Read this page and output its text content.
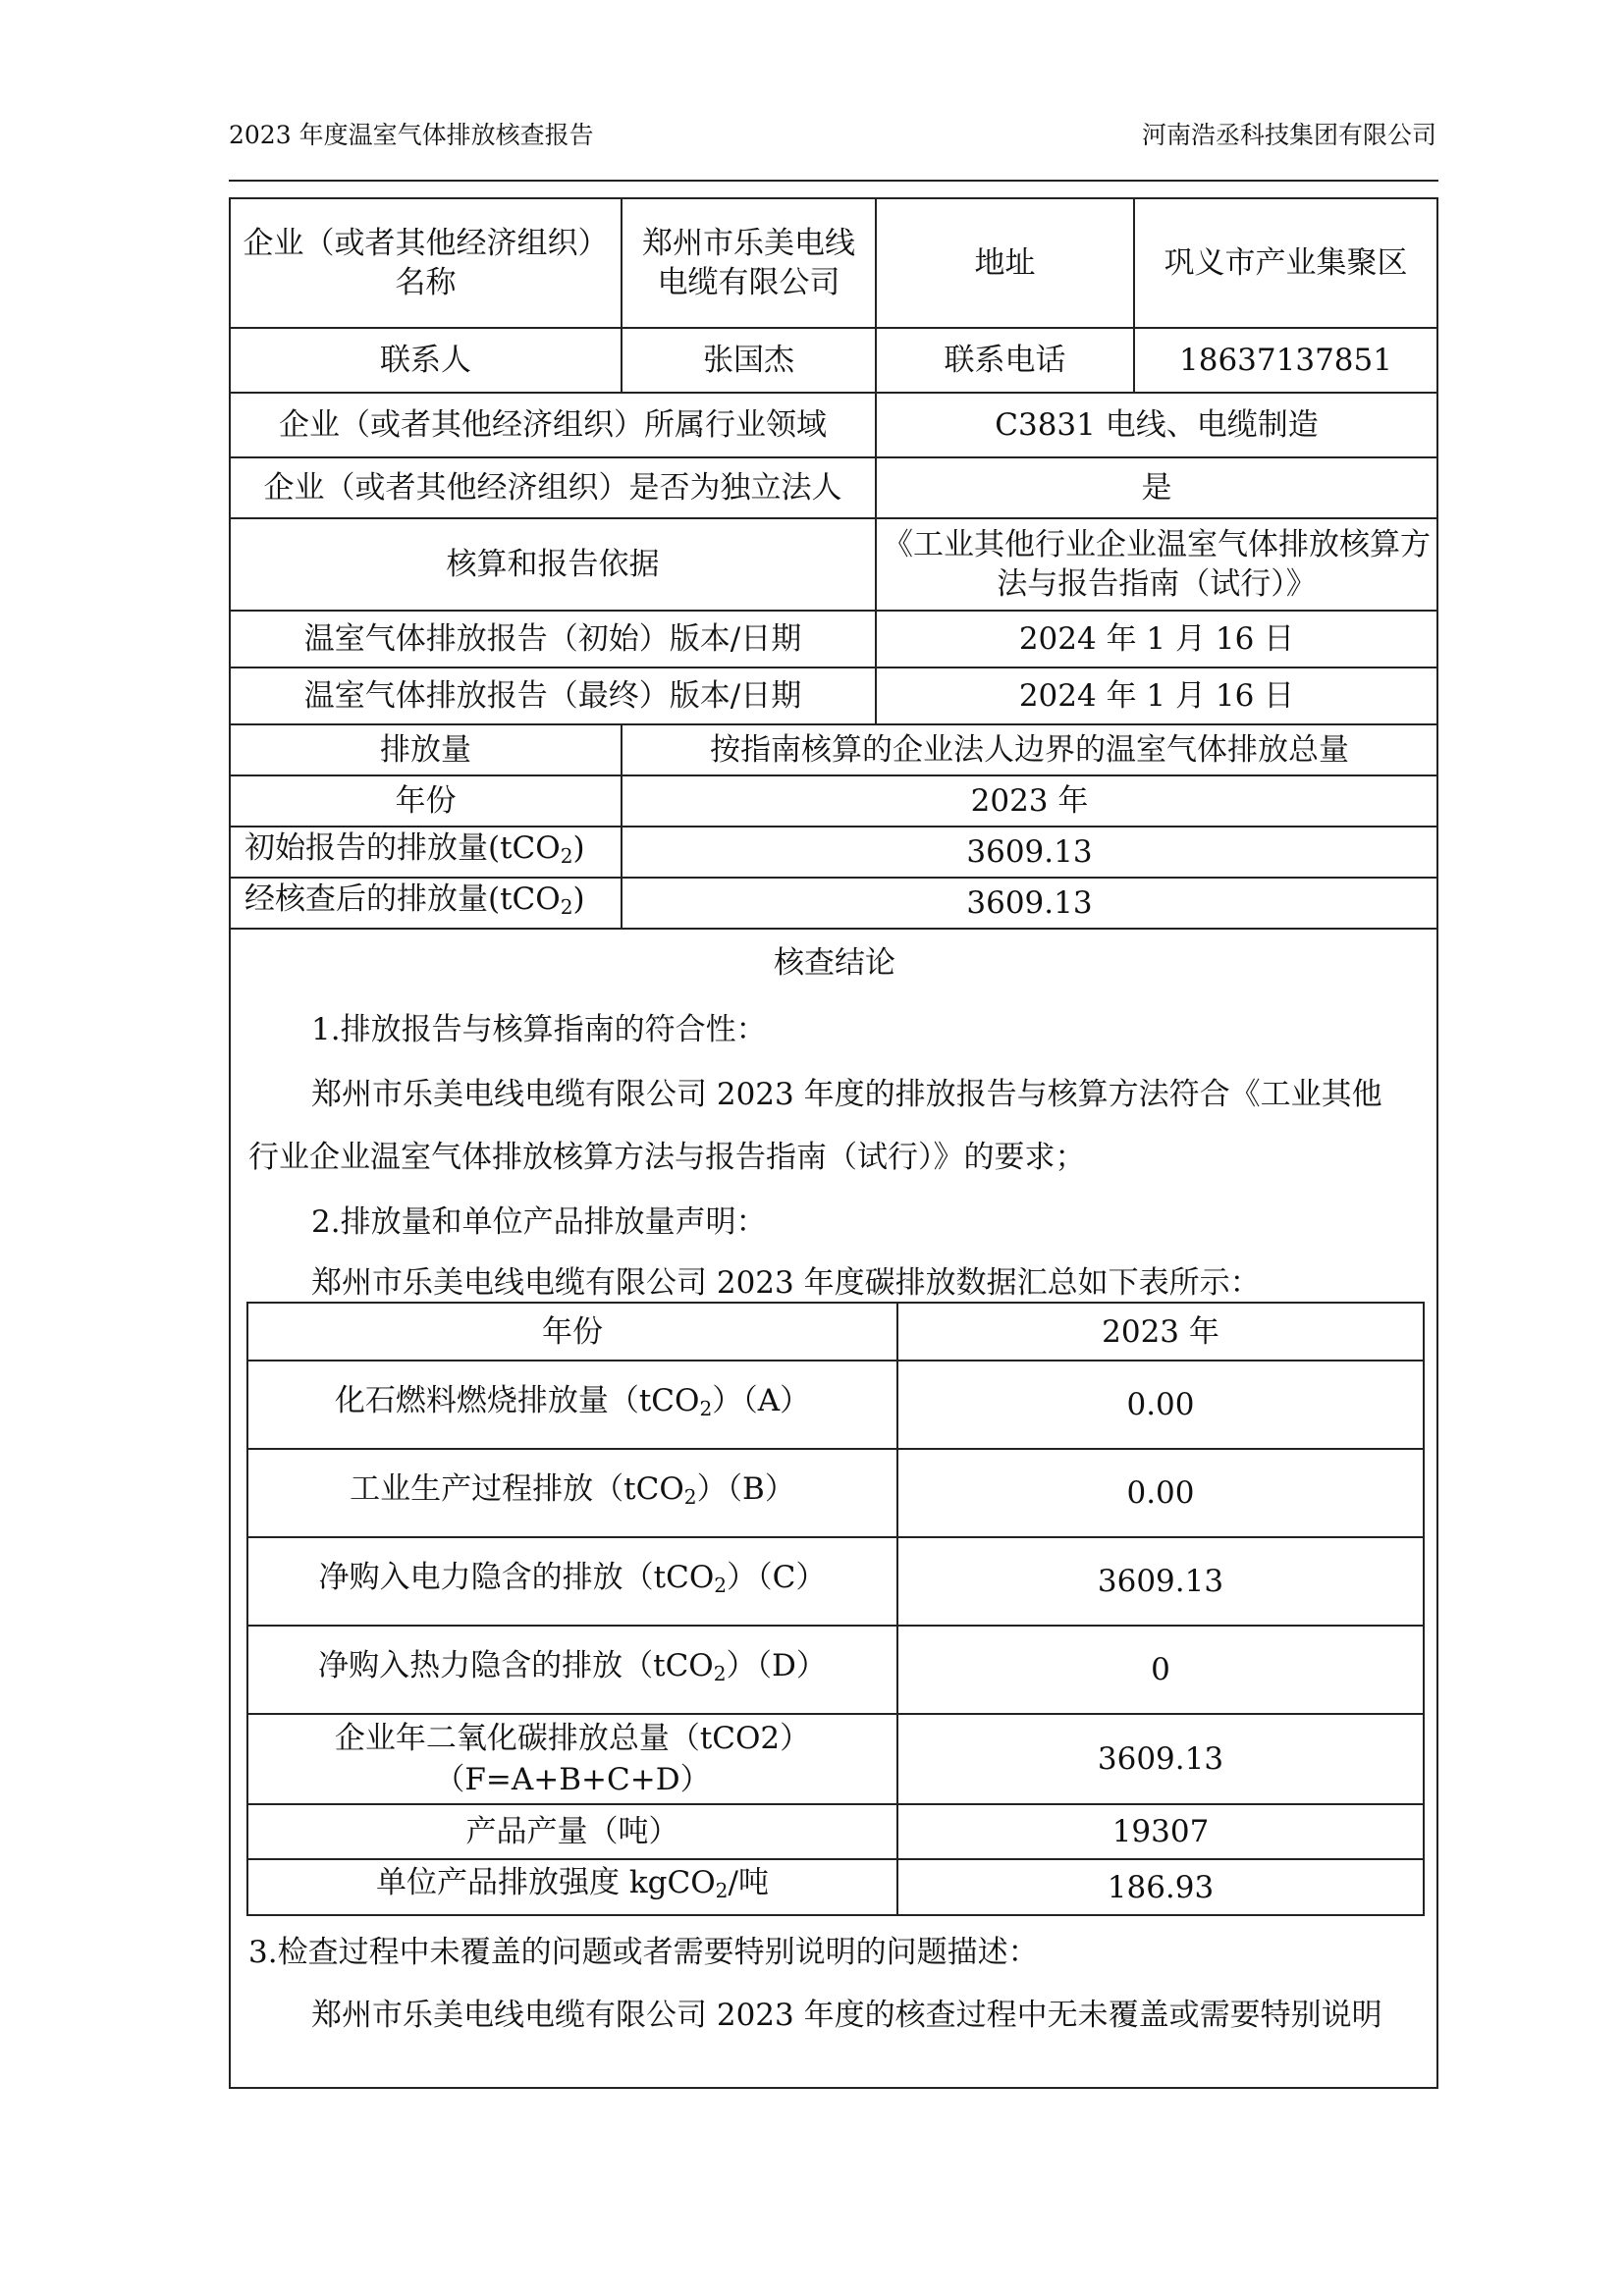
2023 年度温室气体排放核查报告	河南浩丞科技集团有限公司
企业（或者其他经济组织）名称	郑州市乐美电线电缆有限公司	地址	巩义市产业集聚区
联系人	张国杰	联系电话	18637137851
企业（或者其他经济组织）所属行业领域	C3831 电线、电缆制造
企业（或者其他经济组织）是否为独立法人	是
核算和报告依据	《工业其他行业企业温室气体排放核算方法与报告指南（试行）》
温室气体排放报告（初始）版本/日期	2024 年 1 月 16 日
温室气体排放报告（最终）版本/日期	2024 年 1 月 16 日
排放量	按指南核算的企业法人边界的温室气体排放总量
年份	2023 年
初始报告的排放量(tCO$_2$)	3609.13
经核查后的排放量(tCO$_2$)	3609.13

核查结论
1.排放报告与核算指南的符合性：
郑州市乐美电线电缆有限公司 2023 年度的排放报告与核算方法符合《工业其他
行业企业温室气体排放核算方法与报告指南（试行）》的要求；
2.排放量和单位产品排放量声明：
郑州市乐美电线电缆有限公司 2023 年度碳排放数据汇总如下表所示：
年份	2023 年
化石燃料燃烧排放量（tCO$_2$）（A）	0.00
工业生产过程排放（tCO$_2$）（B）	0.00
净购入电力隐含的排放（tCO$_2$）（C）	3609.13
净购入热力隐含的排放（tCO$_2$）（D）	0

企业年二氧化碳排放总量（tCO2）
（F=A+B+C+D）
	3609.13
产品产量（吨）	19307
单位产品排放强度 kgCO$_2$/吨	186.93
3.检查过程中未覆盖的问题或者需要特别说明的问题描述：
郑州市乐美电线电缆有限公司 2023 年度的核查过程中无未覆盖或需要特别说明
